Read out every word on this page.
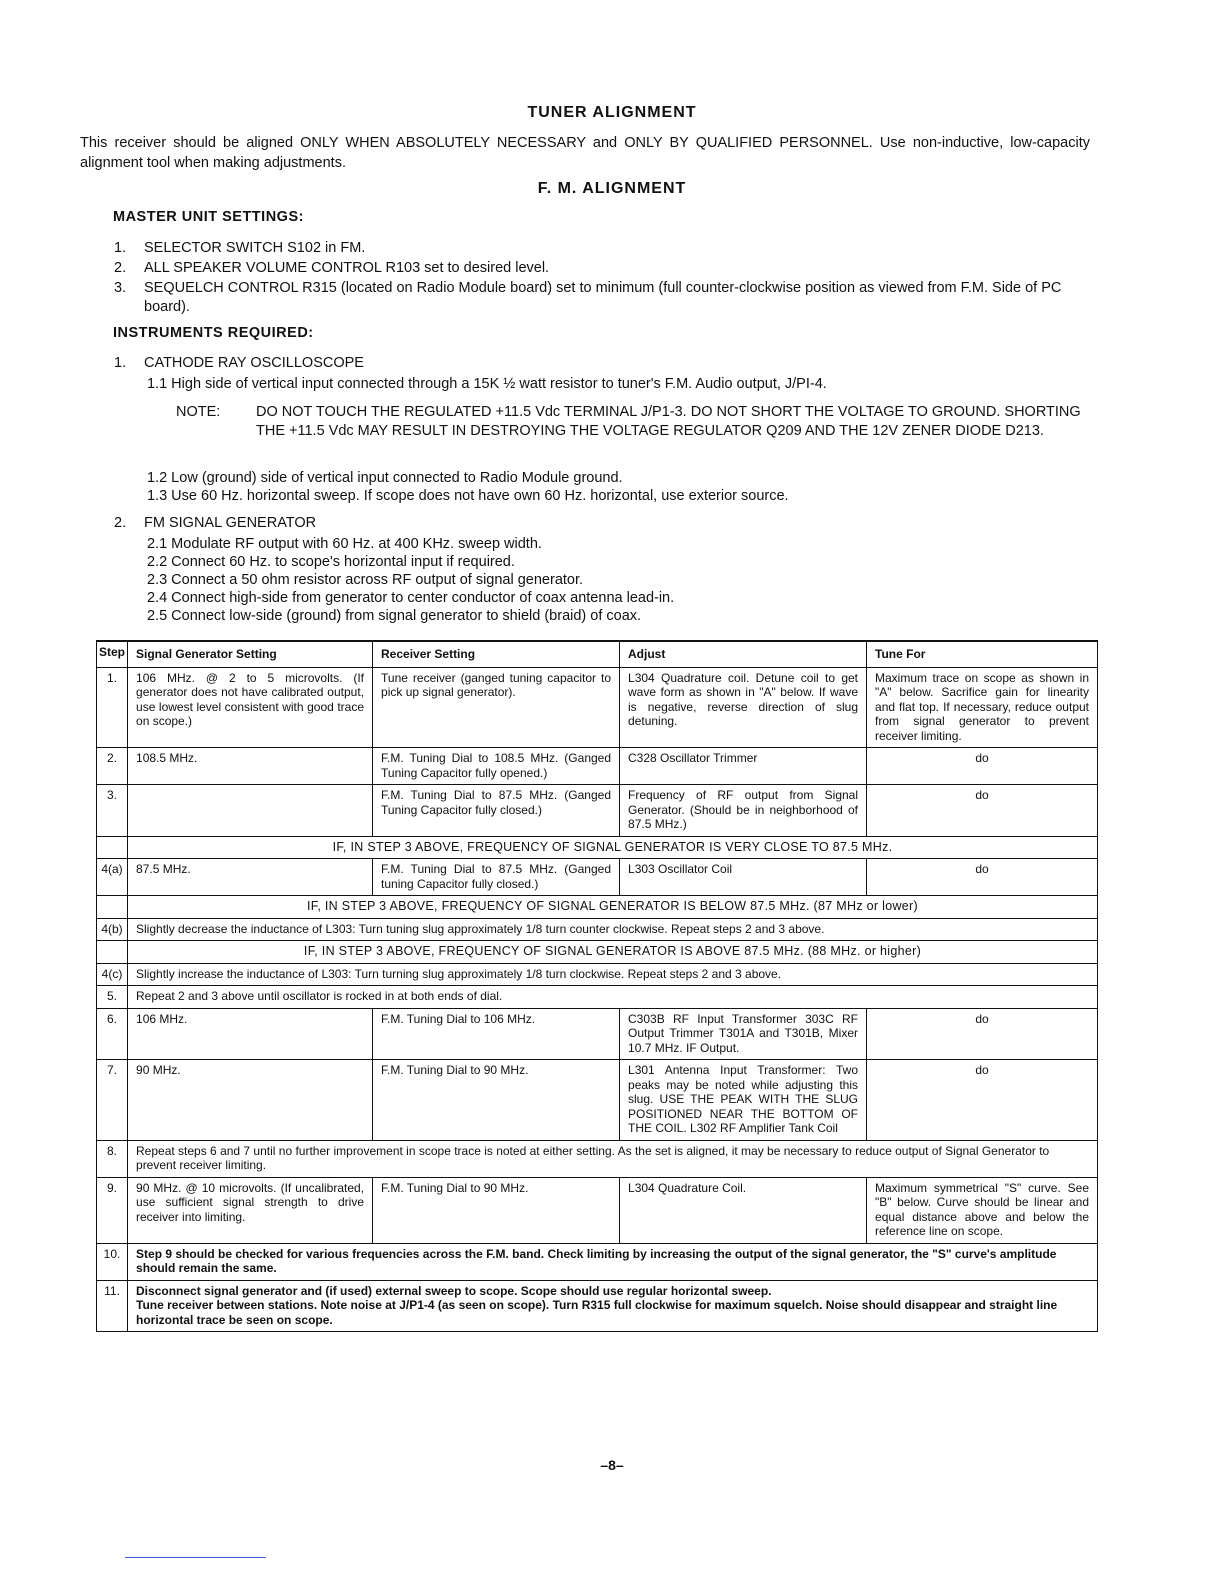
TUNER ALIGNMENT
This receiver should be aligned ONLY WHEN ABSOLUTELY NECESSARY and ONLY BY QUALIFIED PERSONNEL. Use non-inductive, low-capacity alignment tool when making adjustments.
F. M. ALIGNMENT
MASTER UNIT SETTINGS:
1. SELECTOR SWITCH S102 in FM.
2. ALL SPEAKER VOLUME CONTROL R103 set to desired level.
3. SEQUELCH CONTROL R315 (located on Radio Module board) set to minimum (full counter-clockwise position as viewed from F.M. Side of PC board).
INSTRUMENTS REQUIRED:
1. CATHODE RAY OSCILLOSCOPE
1.1 High side of vertical input connected through a 15K ½ watt resistor to tuner's F.M. Audio output, J/PI-4.
NOTE:	DO NOT TOUCH THE REGULATED +11.5 Vdc TERMINAL J/P1-3. DO NOT SHORT THE VOLTAGE TO GROUND. SHORTING THE +11.5 Vdc MAY RESULT IN DESTROYING THE VOLTAGE REGULATOR Q209 AND THE 12V ZENER DIODE D213.
1.2 Low (ground) side of vertical input connected to Radio Module ground.
1.3 Use 60 Hz. horizontal sweep. If scope does not have own 60 Hz. horizontal, use exterior source.
2. FM SIGNAL GENERATOR
2.1 Modulate RF output with 60 Hz. at 400 KHz. sweep width.
2.2 Connect 60 Hz. to scope's horizontal input if required.
2.3 Connect a 50 ohm resistor across RF output of signal generator.
2.4 Connect high-side from generator to center conductor of coax antenna lead-in.
2.5 Connect low-side (ground) from signal generator to shield (braid) of coax.
Step	Signal Generator Setting	Receiver Setting	Adjust	Tune For
1.	106 MHz. @ 2 to 5 microvolts. (If generator does not have calibrated output, use lowest level consistent with good trace on scope.)	Tune receiver (ganged tuning capacitor to pick up signal generator).	L304 Quadrature coil. Detune coil to get wave form as shown in "A" below. If wave is negative, reverse direction of slug detuning.	Maximum trace on scope as shown in "A" below. Sacrifice gain for linearity and flat top. If necessary, reduce output from signal generator to prevent receiver limiting.
2.	108.5 MHz.	F.M. Tuning Dial to 108.5 MHz. (Ganged Tuning Capacitor fully opened.)	C328 Oscillator Trimmer	do
3.		F.M. Tuning Dial to 87.5 MHz. (Ganged Tuning Capacitor fully closed.)	Frequency of RF output from Signal Generator. (Should be in neighborhood of 87.5 MHz.)	do
	IF, IN STEP 3 ABOVE, FREQUENCY OF SIGNAL GENERATOR IS VERY CLOSE TO 87.5 MHz.			
4(a)	87.5 MHz.	F.M. Tuning Dial to 87.5 MHz. (Ganged tuning Capacitor fully closed.)	L303 Oscillator Coil	do
	IF, IN STEP 3 ABOVE, FREQUENCY OF SIGNAL GENERATOR IS BELOW 87.5 MHz. (87 MHz or lower)			
4(b)	Slightly decrease the inductance of L303: Turn tuning slug approximately 1/8 turn counter clockwise. Repeat steps 2 and 3 above.			
	IF, IN STEP 3 ABOVE, FREQUENCY OF SIGNAL GENERATOR IS ABOVE 87.5 MHz. (88 MHz. or higher)			
4(c)	Slightly increase the inductance of L303: Turn turning slug approximately 1/8 turn clockwise. Repeat steps 2 and 3 above.			
5.	Repeat 2 and 3 above until oscillator is rocked in at both ends of dial.			
6.	106 MHz.	F.M. Tuning Dial to 106 MHz.	C303B RF Input Transformer 303C RF Output Trimmer T301A and T301B, Mixer 10.7 MHz. IF Output.	do
7.	90 MHz.	F.M. Tuning Dial to 90 MHz.	L301 Antenna Input Transformer: Two peaks may be noted while adjusting this slug. USE THE PEAK WITH THE SLUG POSITIONED NEAR THE BOTTOM OF THE COIL. L302 RF Amplifier Tank Coil	do
8.	Repeat steps 6 and 7 until no further improvement in scope trace is noted at either setting. As the set is aligned, it may be necessary to reduce output of Signal Generator to prevent receiver limiting.			
9.	90 MHz. @ 10 microvolts. (If uncalibrated, use sufficient signal strength to drive receiver into limiting.	F.M. Tuning Dial to 90 MHz.	L304 Quadrature Coil.	Maximum symmetrical "S" curve. See "B" below. Curve should be linear and equal distance above and below the reference line on scope.
10.	Step 9 should be checked for various frequencies across the F.M. band. Check limiting by increasing the output of the signal generator, the "S" curve's amplitude should remain the same.			
11.	Disconnect signal generator and (if used) external sweep to scope. Scope should use regular horizontal sweep.
Tune receiver between stations. Note noise at J/P1-4 (as seen on scope). Turn R315 full clockwise for maximum squelch. Noise should disappear and straight line horizontal trace be seen on scope.			
–8–
